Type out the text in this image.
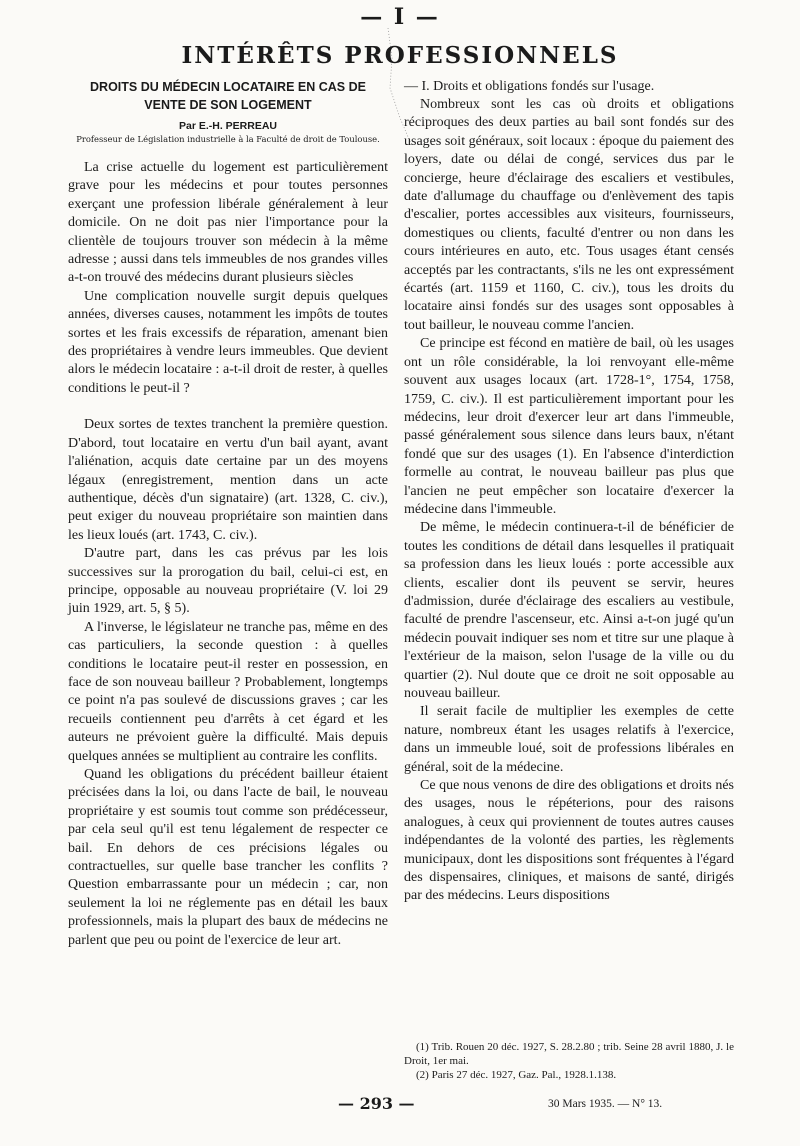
— I —
INTÉRÊTS PROFESSIONNELS
DROITS DU MÉDECIN LOCATAIRE EN CAS DE VENTE DE SON LOGEMENT
Par E.-H. PERREAU
Professeur de Législation industrielle à la Faculté de droit de Toulouse.

La crise actuelle du logement est particulièrement grave pour les médecins et pour toutes personnes exerçant une profession libérale généralement à leur domicile. On ne doit pas nier l'importance pour la clientèle de toujours trouver son médecin à la même adresse ; aussi dans tels immeubles de nos grandes villes a-t-on trouvé des médecins durant plusieurs siècles

Une complication nouvelle surgit depuis quelques années, diverses causes, notamment les impôts de toutes sortes et les frais excessifs de réparation, amenant bien des propriétaires à vendre leurs immeubles. Que devient alors le médecin locataire : a-t-il droit de rester, à quelles conditions le peut-il ?

Deux sortes de textes tranchent la première question. D'abord, tout locataire en vertu d'un bail ayant, avant l'aliénation, acquis date certaine par un des moyens légaux (enregistrement, mention dans un acte authentique, décès d'un signataire) (art. 1328, C. civ.), peut exiger du nouveau propriétaire son maintien dans les lieux loués (art. 1743, C. civ.).

D'autre part, dans les cas prévus par les lois successives sur la prorogation du bail, celui-ci est, en principe, opposable au nouveau propriétaire (V. loi 29 juin 1929, art. 5, § 5).

A l'inverse, le législateur ne tranche pas, même en des cas particuliers, la seconde question : à quelles conditions le locataire peut-il rester en possession, en face de son nouveau bailleur ? Probablement, longtemps ce point n'a pas soulevé de discussions graves ; car les recueils contiennent peu d'arrêts à cet égard et les auteurs ne prévoient guère la difficulté. Mais depuis quelques années se multiplient au contraire les conflits.

Quand les obligations du précédent bailleur étaient précisées dans la loi, ou dans l'acte de bail, le nouveau propriétaire y est soumis tout comme son prédécesseur, par cela seul qu'il est tenu légalement de respecter ce bail. En dehors de ces précisions légales ou contractuelles, sur quelle base trancher les conflits ? Question embarrassante pour un médecin ; car, non seulement la loi ne réglemente pas en détail les baux professionnels, mais la plupart des baux de médecins ne parlent que peu ou point de l'exercice de leur art.

— I. Droits et obligations fondés sur l'usage.

Nombreux sont les cas où droits et obligations réciproques des deux parties au bail sont fondés sur des usages soit généraux, soit locaux : époque du paiement des loyers, date ou délai de congé, services dus par le concierge, heure d'éclairage des escaliers et vestibules, date d'allumage du chauffage ou d'enlèvement des tapis d'escalier, portes accessibles aux visiteurs, fournisseurs, domestiques ou clients, faculté d'entrer ou non dans les cours intérieures en auto, etc. Tous usages étant censés acceptés par les contractants, s'ils ne les ont expressément écartés (art. 1159 et 1160, C. civ.), tous les droits du locataire ainsi fondés sur des usages sont opposables à tout bailleur, le nouveau comme l'ancien.

Ce principe est fécond en matière de bail, où les usages ont un rôle considérable, la loi renvoyant elle-même souvent aux usages locaux (art. 1728-1°, 1754, 1758, 1759, C. civ.). Il est particulièrement important pour les médecins, leur droit d'exercer leur art dans l'immeuble, passé généralement sous silence dans leurs baux, n'étant fondé que sur des usages (1). En l'absence d'interdiction formelle au contrat, le nouveau bailleur pas plus que l'ancien ne peut empêcher son locataire d'exercer la médecine dans l'immeuble.

De même, le médecin continuera-t-il de bénéficier de toutes les conditions de détail dans lesquelles il pratiquait sa profession dans les lieux loués : porte accessible aux clients, escalier dont ils peuvent se servir, heures d'admission, durée d'éclairage des escaliers au vestibule, faculté de prendre l'ascenseur, etc. Ainsi a-t-on jugé qu'un médecin pouvait indiquer ses nom et titre sur une plaque à l'extérieur de la maison, selon l'usage de la ville ou du quartier (2). Nul doute que ce droit ne soit opposable au nouveau bailleur.

Il serait facile de multiplier les exemples de cette nature, nombreux étant les usages relatifs à l'exercice, dans un immeuble loué, soit de professions libérales en général, soit de la médecine.

Ce que nous venons de dire des obligations et droits nés des usages, nous le répéterions, pour des raisons analogues, à ceux qui proviennent de toutes autres causes indépendantes de la volonté des parties, les règlements municipaux, dont les dispositions sont fréquentes à l'égard des dispensaires, cliniques, et maisons de santé, dirigés par des médecins. Leurs dispositions

(1) Trib. Rouen 20 déc. 1927, S. 28.2.80 ; trib. Seine 28 avril 1880, J. le Droit, 1er mai.

(2) Paris 27 déc. 1927, Gaz. Pal., 1928.1.138.

— 293 —	30 Mars 1935. — N° 13.
